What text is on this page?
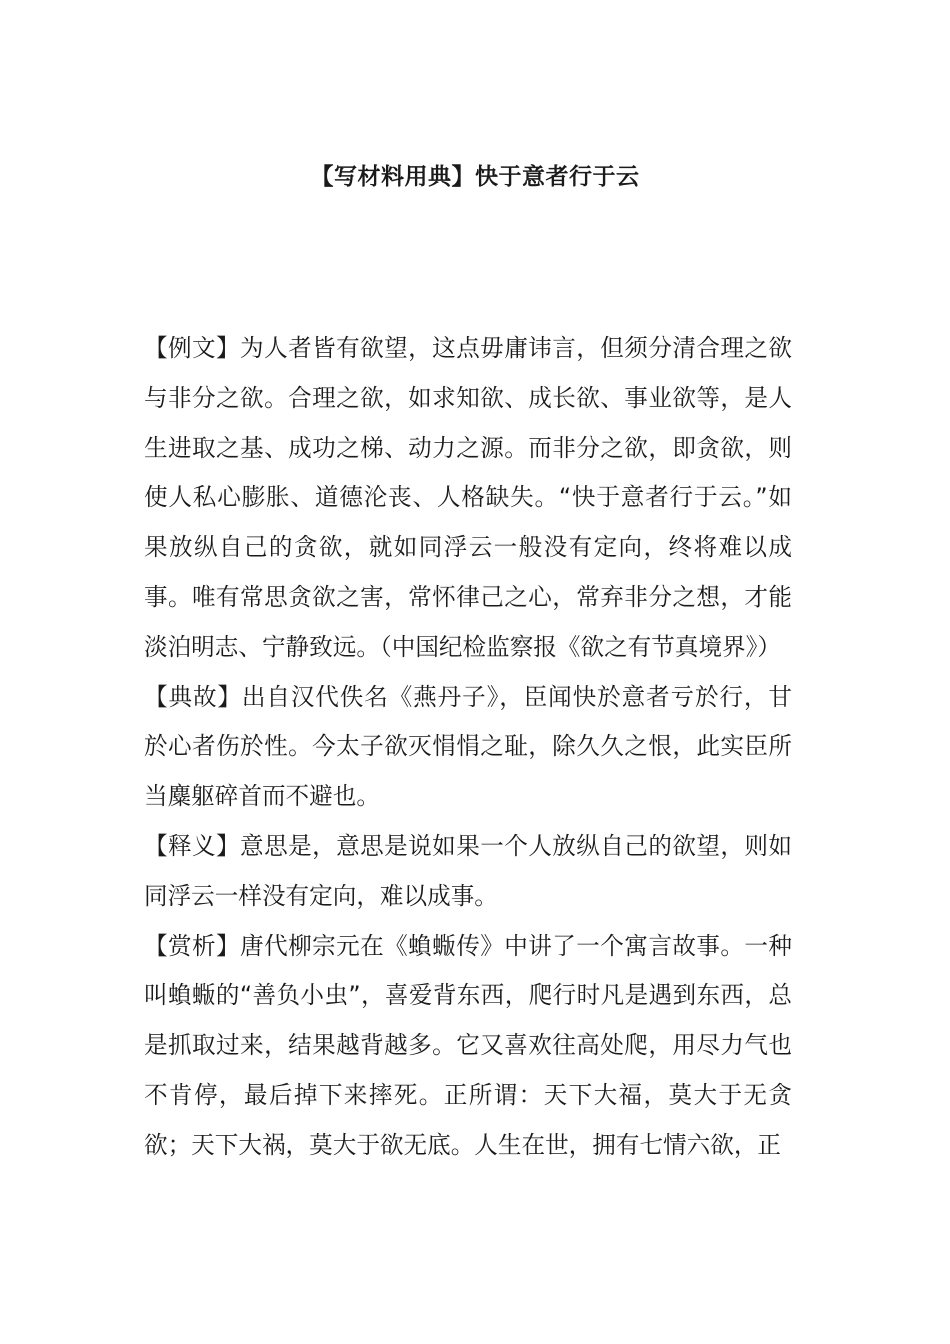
【写材料用典】快于意者行于云

【例文】为人者皆有欲望，这点毋庸讳言，但须分清合理之欲与非分之欲。合理之欲，如求知欲、成长欲、事业欲等，是人生进取之基、成功之梯、动力之源。而非分之欲，即贪欲，则使人私心膨胀、道德沦丧、人格缺失。“快于意者行于云。”如果放纵自己的贪欲，就如同浮云一般没有定向，终将难以成事。唯有常思贪欲之害，常怀律己之心，常弃非分之想，才能淡泊明志、宁静致远。（中国纪检监察报《欲之有节真境界》）

【典故】出自汉代佚名《燕丹子》，臣闻快於意者亏於行，甘於心者伤於性。今太子欲灭悁悁之耻，除久久之恨，此实臣所当麋躯碎首而不避也。

【释义】意思是，意思是说如果一个人放纵自己的欲望，则如同浮云一样没有定向，难以成事。

【赏析】唐代柳宗元在《蝜蝂传》中讲了一个寓言故事。一种叫蝜蝂的“善负小虫”，喜爱背东西，爬行时凡是遇到东西，总是抓取过来，结果越背越多。它又喜欢往高处爬，用尽力气也不肯停，最后掉下来摔死。正所谓：天下大福，莫大于无贪欲；天下大祸，莫大于欲无底。人生在世，拥有七情六欲，正
